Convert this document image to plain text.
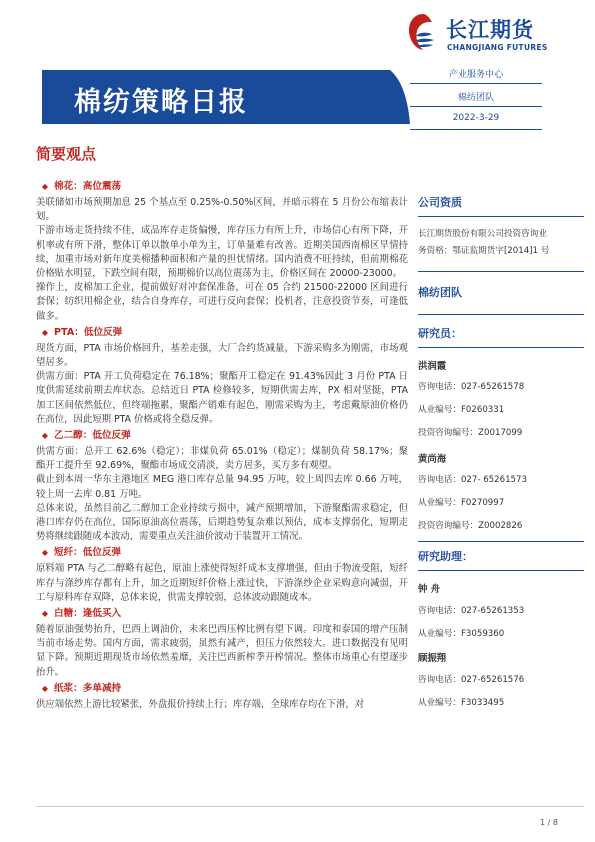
长江期货
CHANGJIANG FUTURES
棉纺策略日报
产业服务中心
棉纺团队
2022-3-29
简要观点
◆ 棉花：高位震荡

美联储如市场预期加息 25 个基点至 0.25%-0.50%区间，并暗示将在 5 月份公布缩表计划。

下游市场走货持续不佳，成品库存走货偏慢，库存压力有所上升，市场信心有所下降，开机率或有所下滑，整体订单以散单小单为主，订单量难有改善。近期美国西南棉区旱情持续，加重市场对新年度美棉播种面积和产量的担忧情绪。国内消费不旺持续，但前期棉花价格贴水明显，下跌空间有限，预期棉价以高位震荡为主，价格区间在 20000-23000。

操作上，皮棉加工企业，提前做好对冲套保准备，可在 05 合约 21500-22000 区间进行套保；纺织用棉企业，结合自身库存，可进行反向套保；投机者，注意投资节奏，可逢低做多。

◆ PTA：低位反弹

现货方面，PTA 市场价格回升，基差走强，大厂合约货减量，下游采购多为刚需，市场观望居多。

供需方面：PTA 开工负荷稳定在 76.18%；聚酯开工稳定在 91.43%因此 3 月份 PTA 日度供需延续前期去库状态。总结近日 PTA 检修较多，短期供需去库，PX 相对坚挺，PTA 加工区间依然低位，但终端拖累，聚酯产销难有起色，刚需采购为主，考虑戴原油价格仍在高位，因此短期 PTA 价格或将全稳反弹。

◆ 乙二醇：低位反弹

供需方面：总开工 62.6%（稳定）；非煤负荷 65.01%（稳定）；煤制负荷 58.17%；聚酯开工提升至 92.69%，聚酯市场成交清淡，卖方居多，买方多有观望。

截止到本周一华东主港地区 MEG 港口库存总量 94.95 万吨，较上周四去库 0.66 万吨，较上周一去库 0.81 万吨。

总体来说，虽然目前乙二醇加工企业持续亏损中，减产预期增加，下游聚酯需求稳定，但港口库存仍在高位，国际原油高位震荡，后期趋势复杂难以预估，成本支撑弱化，短期走势将继续跟随成本波动，需要重点关注油价波动于装置开工情况。

◆ 短纤：低位反弹

原料端 PTA 与乙二醇略有起色，原油上涨使得短纤成本支撑增强，但由于物流受阻，短纤库存与涤纱库存都有上升，加之近期短纤价格上涨过快，下游涤纱企业采购意向减弱，开工与原料库存双降，总体来说，供需支撑较弱，总体波动跟随成本。

◆ 白糖：逢低买入

随着原油强势抬升，巴西上调油价，未来巴西压榨比例有望下调。印度和泰国的增产压制当前市场走势。国内方面，需求疲弱，虽然有减产，但压力依然较大。进口数据没有见明显下降。预期近期现货市场依然羞靡，关注巴西新榨季开榨情况。整体市场重心有望逐步抬升。

◆ 纸浆：多单减持

供应端依然上游比较紧张，外盘报价持续上行；库存端，全球库存均在下滑，对

公司资质
长江期货股份有限公司投资咨询业
务资格：鄂证监期货字[2014]1 号
棉纺团队
研究员：
洪润霞
咨询电话：027-65261578
从业编号：F0260331
投资咨询编号：Z0017099
黄尚海
咨询电话：027- 65261573
从业编号：F0270997
投资咨询编号：Z0002826
研究助理：
钟 舟
咨询电话：027-65261353
从业编号：F3059360
顾振翔
咨询电话：027-65261576
从业编号：F3033495
1 / 8
